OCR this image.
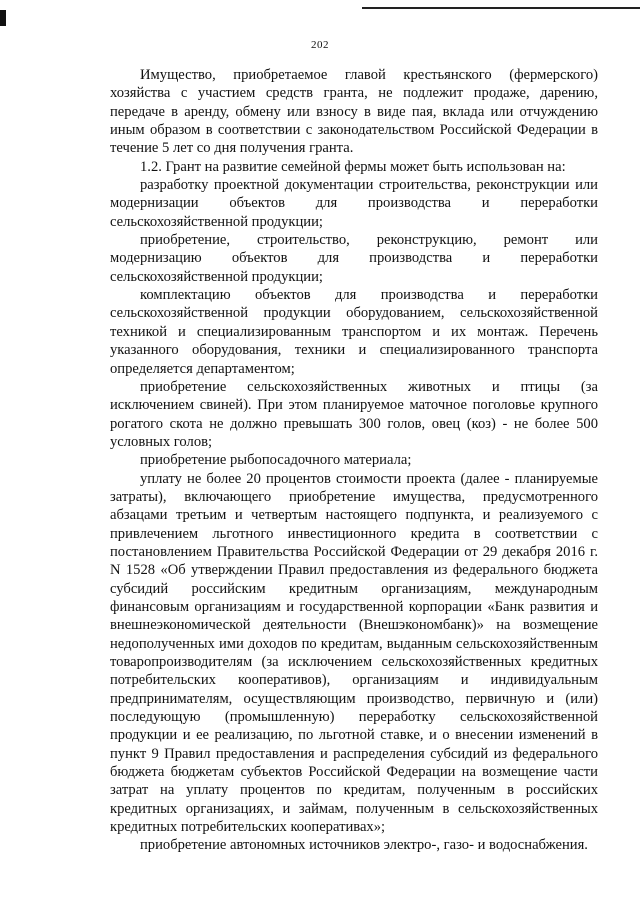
202

Имущество, приобретаемое главой крестьянского (фермерского) хозяйства с участием средств гранта, не подлежит продаже, дарению, передаче в аренду, обмену или взносу в виде пая, вклада или отчуждению иным образом в соответствии с законодательством Российской Федерации в течение 5 лет со дня получения гранта.

1.2. Грант на развитие семейной фермы может быть использован на:

разработку проектной документации строительства, реконструкции или модернизации объектов для производства и переработки сельскохозяйственной продукции;

приобретение, строительство, реконструкцию, ремонт или модернизацию объектов для производства и переработки сельскохозяйственной продукции;

комплектацию объектов для производства и переработки сельскохозяйственной продукции оборудованием, сельскохозяйственной техникой и специализированным транспортом и их монтаж. Перечень указанного оборудования, техники и специализированного транспорта определяется департаментом;

приобретение сельскохозяйственных животных и птицы (за исключением свиней). При этом планируемое маточное поголовье крупного рогатого скота не должно превышать 300 голов, овец (коз) - не более 500 условных голов;

приобретение рыбопосадочного материала;

уплату не более 20 процентов стоимости проекта (далее - планируемые затраты), включающего приобретение имущества, предусмотренного абзацами третьим и четвертым настоящего подпункта, и реализуемого с привлечением льготного инвестиционного кредита в соответствии с постановлением Правительства Российской Федерации от 29 декабря 2016 г. N 1528 «Об утверждении Правил предоставления из федерального бюджета субсидий российским кредитным организациям, международным финансовым организациям и государственной корпорации «Банк развития и внешнеэкономической деятельности (Внешэкономбанк)» на возмещение недополученных ими доходов по кредитам, выданным сельскохозяйственным товаропроизводителям (за исключением сельскохозяйственных кредитных потребительских кооперативов), организациям и индивидуальным предпринимателям, осуществляющим производство, первичную и (или) последующую (промышленную) переработку сельскохозяйственной продукции и ее реализацию, по льготной ставке, и о внесении изменений в пункт 9 Правил предоставления и распределения субсидий из федерального бюджета бюджетам субъектов Российской Федерации на возмещение части затрат на уплату процентов по кредитам, полученным в российских кредитных организациях, и займам, полученным в сельскохозяйственных кредитных потребительских кооперативах»;

приобретение автономных источников электро-, газо- и водоснабжения.
